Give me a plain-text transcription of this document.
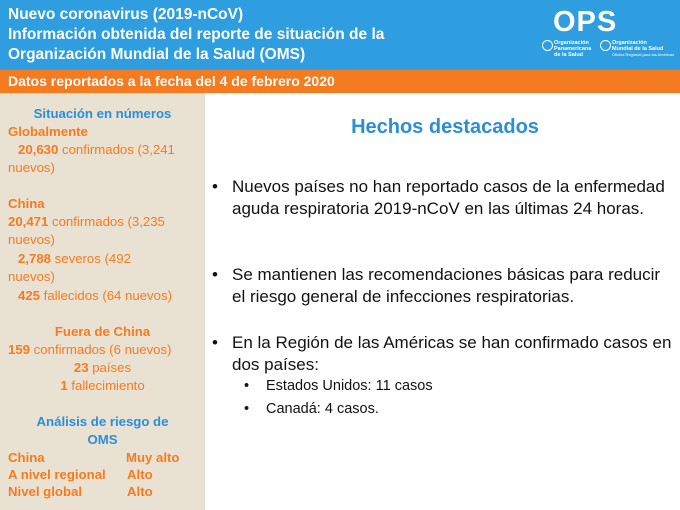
Nuevo coronavirus (2019-nCoV)
Información obtenida del reporte de situación de la
Organización Mundial de la Salud (OMS)
OPS
Organización
Panamericana
de la Salud
Organización
Mundial de la Salud
Oficina Regional para las Américas
Datos reportados a la fecha del 4 de febrero 2020
Situación en números
Globalmente
20,630 confirmados (3,241
nuevos)
China
20,471 confirmados (3,235
nuevos)
2,788 severos (492
nuevos)
425 fallecidos (64 nuevos)
Fuera de China
159 confirmados (6 nuevos)
23 países
1 fallecimiento
Análisis de riesgo de
OMS
China	Muy alto
A nivel regional Alto
Nivel global	Alto
Hechos destacados
• Nuevos países no han reportado casos de la enfermedad aguda respiratoria 2019-nCoV en las últimas 24 horas.
• Se mantienen las recomendaciones básicas para reducir el riesgo general de infecciones respiratorias.
• En la Región de las Américas se han confirmado casos en dos países:
• Estados Unidos: 11 casos
• Canadá: 4 casos.
